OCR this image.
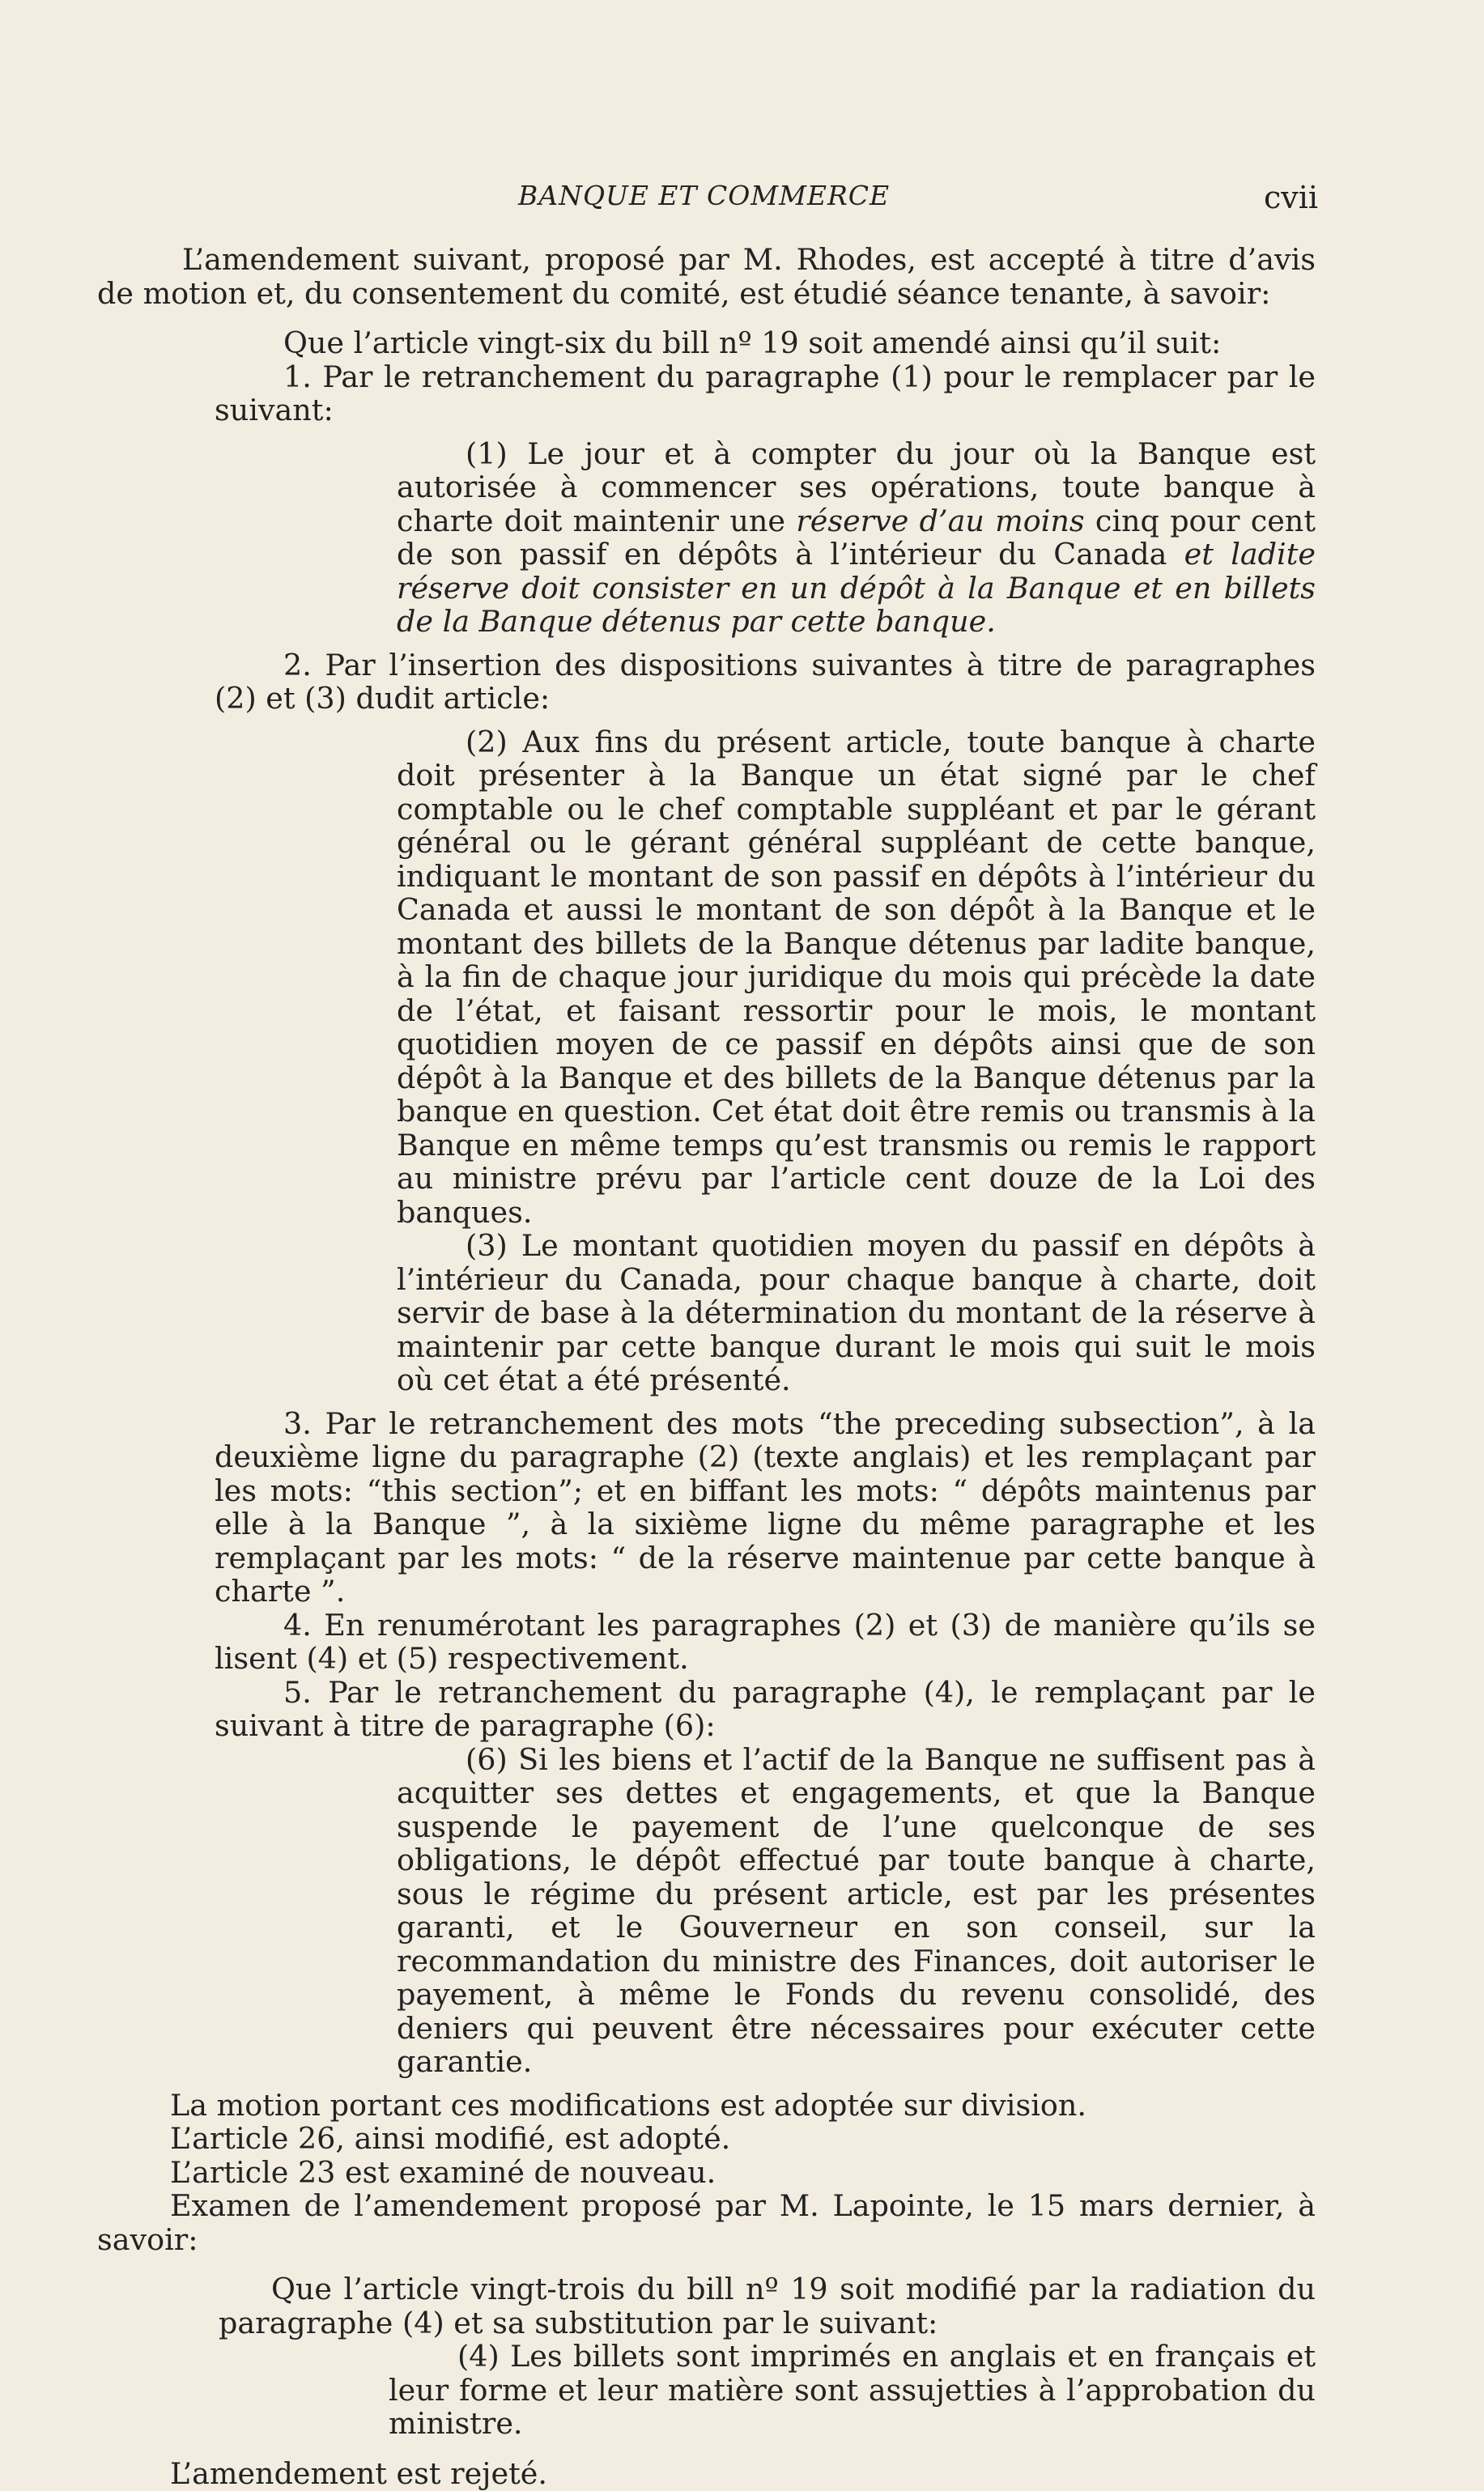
BANQUE ET COMMERCE	cvii

L’amendement suivant, proposé par M. Rhodes, est accepté à titre d’avis de motion et, du consentement du comité, est étudié séance tenante, à savoir:

Que l’article vingt-six du bill nº 19 soit amendé ainsi qu’il suit:

1. Par le retranchement du paragraphe (1) pour le remplacer par le suivant:

(1) Le jour et à compter du jour où la Banque est autorisée à commencer ses opérations, toute banque à charte doit maintenir une réserve d’au moins cinq pour cent de son passif en dépôts à l’intérieur du Canada et ladite réserve doit consister en un dépôt à la Banque et en billets de la Banque détenus par cette banque.

2. Par l’insertion des dispositions suivantes à titre de paragraphes (2) et (3) dudit article:

(2) Aux fins du présent article, toute banque à charte doit présenter à la Banque un état signé par le chef comptable ou le chef comptable suppléant et par le gérant général ou le gérant général suppléant de cette banque, indiquant le montant de son passif en dépôts à l’intérieur du Canada et aussi le montant de son dépôt à la Banque et le montant des billets de la Banque détenus par ladite banque, à la fin de chaque jour juridique du mois qui précède la date de l’état, et faisant ressortir pour le mois, le montant quotidien moyen de ce passif en dépôts ainsi que de son dépôt à la Banque et des billets de la Banque détenus par la banque en question. Cet état doit être remis ou transmis à la Banque en même temps qu’est transmis ou remis le rapport au ministre prévu par l’article cent douze de la Loi des banques.

(3) Le montant quotidien moyen du passif en dépôts à l’intérieur du Canada, pour chaque banque à charte, doit servir de base à la détermination du montant de la réserve à maintenir par cette banque durant le mois qui suit le mois où cet état a été présenté.

3. Par le retranchement des mots “the preceding subsection”, à la deuxième ligne du paragraphe (2) (texte anglais) et les remplaçant par les mots: “this section”; et en biffant les mots: “ dépôts maintenus par elle à la Banque ”, à la sixième ligne du même paragraphe et les remplaçant par les mots: “ de la réserve maintenue par cette banque à charte ”.

4. En renumérotant les paragraphes (2) et (3) de manière qu’ils se lisent (4) et (5) respectivement.

5. Par le retranchement du paragraphe (4), le remplaçant par le suivant à titre de paragraphe (6):

(6) Si les biens et l’actif de la Banque ne suffisent pas à acquitter ses dettes et engagements, et que la Banque suspende le payement de l’une quelconque de ses obligations, le dépôt effectué par toute banque à charte, sous le régime du présent article, est par les présentes garanti, et le Gouverneur en son conseil, sur la recommandation du ministre des Finances, doit autoriser le payement, à même le Fonds du revenu consolidé, des deniers qui peuvent être nécessaires pour exécuter cette garantie.

La motion portant ces modifications est adoptée sur division.

L’article 26, ainsi modifié, est adopté.

L’article 23 est examiné de nouveau.

Examen de l’amendement proposé par M. Lapointe, le 15 mars dernier, à savoir:

Que l’article vingt-trois du bill nº 19 soit modifié par la radiation du paragraphe (4) et sa substitution par le suivant:

(4) Les billets sont imprimés en anglais et en français et leur forme et leur matière sont assujetties à l’approbation du ministre.

L’amendement est rejeté.
